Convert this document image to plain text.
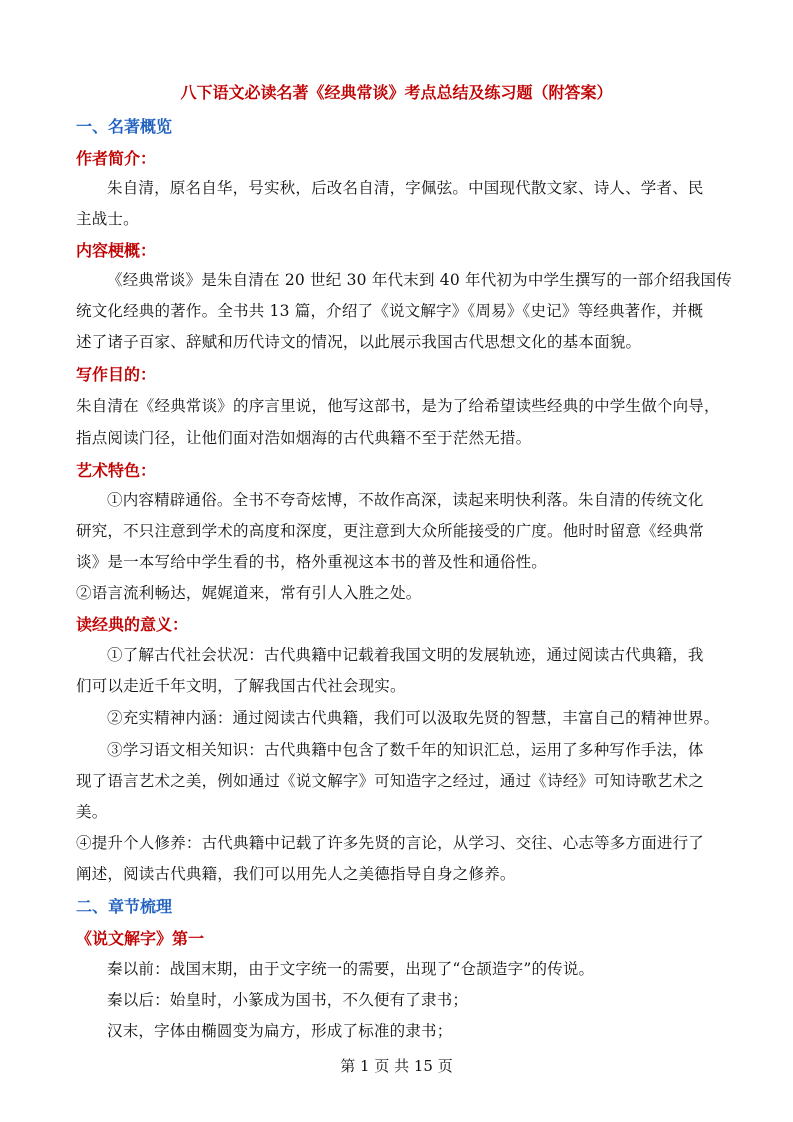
八下语文必读名著《经典常谈》考点总结及练习题（附答案）
一、名著概览
作者简介：
朱自清，原名自华，号实秋，后改名自清，字佩弦。中国现代散文家、诗人、学者、民
主战士。
内容梗概：
《经典常谈》是朱自清在 20 世纪 30 年代末到 40 年代初为中学生撰写的一部介绍我国传
统文化经典的著作。全书共 13 篇，介绍了《说文解字》《周易》《史记》等经典著作，并概
述了诸子百家、辞赋和历代诗文的情况，以此展示我国古代思想文化的基本面貌。
写作目的：
朱自清在《经典常谈》的序言里说，他写这部书，是为了给希望读些经典的中学生做个向导，
指点阅读门径，让他们面对浩如烟海的古代典籍不至于茫然无措。
艺术特色：
①内容精辟通俗。全书不夸奇炫博，不故作高深，读起来明快利落。朱自清的传统文化
研究，不只注意到学术的高度和深度，更注意到大众所能接受的广度。他时时留意《经典常
谈》是一本写给中学生看的书，格外重视这本书的普及性和通俗性。
②语言流利畅达，娓娓道来，常有引人入胜之处。
读经典的意义：
①了解古代社会状况：古代典籍中记载着我国文明的发展轨迹，通过阅读古代典籍，我
们可以走近千年文明，了解我国古代社会现实。
②充实精神内涵：通过阅读古代典籍，我们可以汲取先贤的智慧，丰富自己的精神世界。
③学习语文相关知识：古代典籍中包含了数千年的知识汇总，运用了多种写作手法，体
现了语言艺术之美，例如通过《说文解字》可知造字之经过，通过《诗经》可知诗歌艺术之
美。
④提升个人修养：古代典籍中记载了许多先贤的言论，从学习、交往、心志等多方面进行了
阐述，阅读古代典籍，我们可以用先人之美德指导自身之修养。
二、章节梳理
《说文解字》第一
秦以前：战国末期，由于文字统一的需要，出现了“仓颉造字”的传说。
秦以后：始皇时，小篆成为国书，不久便有了隶书；
汉末，字体由椭圆变为扁方，形成了标准的隶书；
第 1 页 共 15 页
